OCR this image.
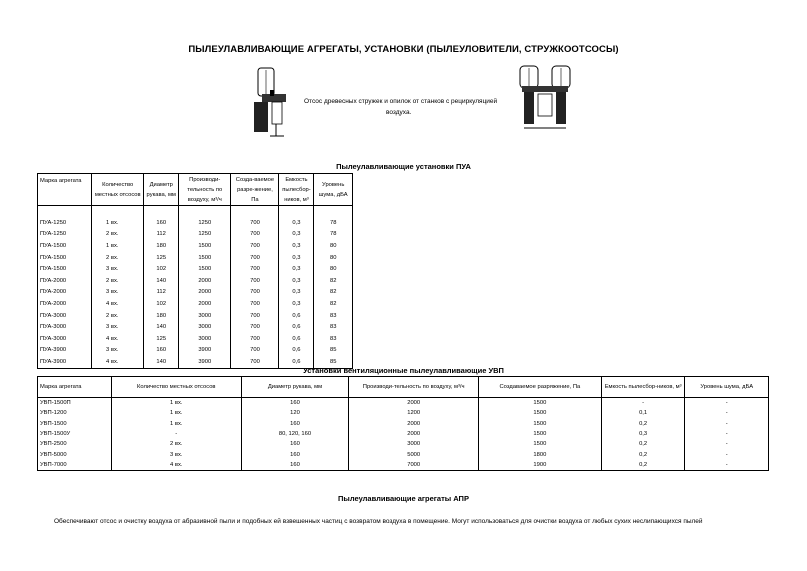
ПЫЛЕУЛАВЛИВАЮЩИЕ АГРЕГАТЫ, УСТАНОВКИ (ПЫЛЕУЛОВИТЕЛИ, СТРУЖКООТСОСЫ)
Отсос древесных стружек и опилок от станков с рециркуляцией
воздуха.
Пылеулавливающие установки ПУА
Марка агрегата	Количество местных отсосов	Диаметр рукава, мм	Производи-тельность по воздуху, м³/ч	Созда-ваемое разре-жение, Па	Емкость пылесбор-ников, м³	Уровень шума, дБА

ПУА-1250	1 вх.	160	1250	700	0,3	78
ПУА-1250	2 вх.	112	1250	700	0,3	78
ПУА-1500	1 вх.	180	1500	700	0,3	80
ПУА-1500	2 вх.	125	1500	700	0,3	80
ПУА-1500	3 вх.	102	1500	700	0,3	80
ПУА-2000	2 вх.	140	2000	700	0,3	82
ПУА-2000	3 вх.	112	2000	700	0,3	82
ПУА-2000	4 вх.	102	2000	700	0,3	82
ПУА-3000	2 вх.	180	3000	700	0,6	83
ПУА-3000	3 вх.	140	3000	700	0,6	83
ПУА-3000	4 вх.	125	3000	700	0,6	83
ПУА-3900	3 вх.	160	3900	700	0,6	85
ПУА-3900	4 вх.	140	3900	700	0,6	85
Установки вентиляционные пылеулавливающие УВП
Марка агрегата	Количество местных отсосов	Диаметр рукава, мм	Производи-тельность по воздуху, м³/ч	Создаваемое разряжение, Па	Емкость пылесбор-ников, м³	Уровень шума, дБА
УВП-1500П	1 вх.	160	2000	1500	-	-
УВП-1200	1 вх.	120	1200	1500	0,1	-
УВП-1500	1 вх.	160	2000	1500	0,2	-
УВП-1500У	-	80, 120, 160	2000	1500	0,3	-
УВП-2500	2 вх.	160	3000	1500	0,2	-
УВП-5000	3 вх.	160	5000	1800	0,2	-
УВП-7000	4 вх.	160	7000	1900	0,2	-
Пылеулавливающие агрегаты АПР
Обеспечивают отсос и очистку воздуха от абразивной пыли и подобных ей взвешенных частиц с возвратом воздуха в помещение. Могут использоваться для очистки воздуха от любых сухих неслипающихся пылей
